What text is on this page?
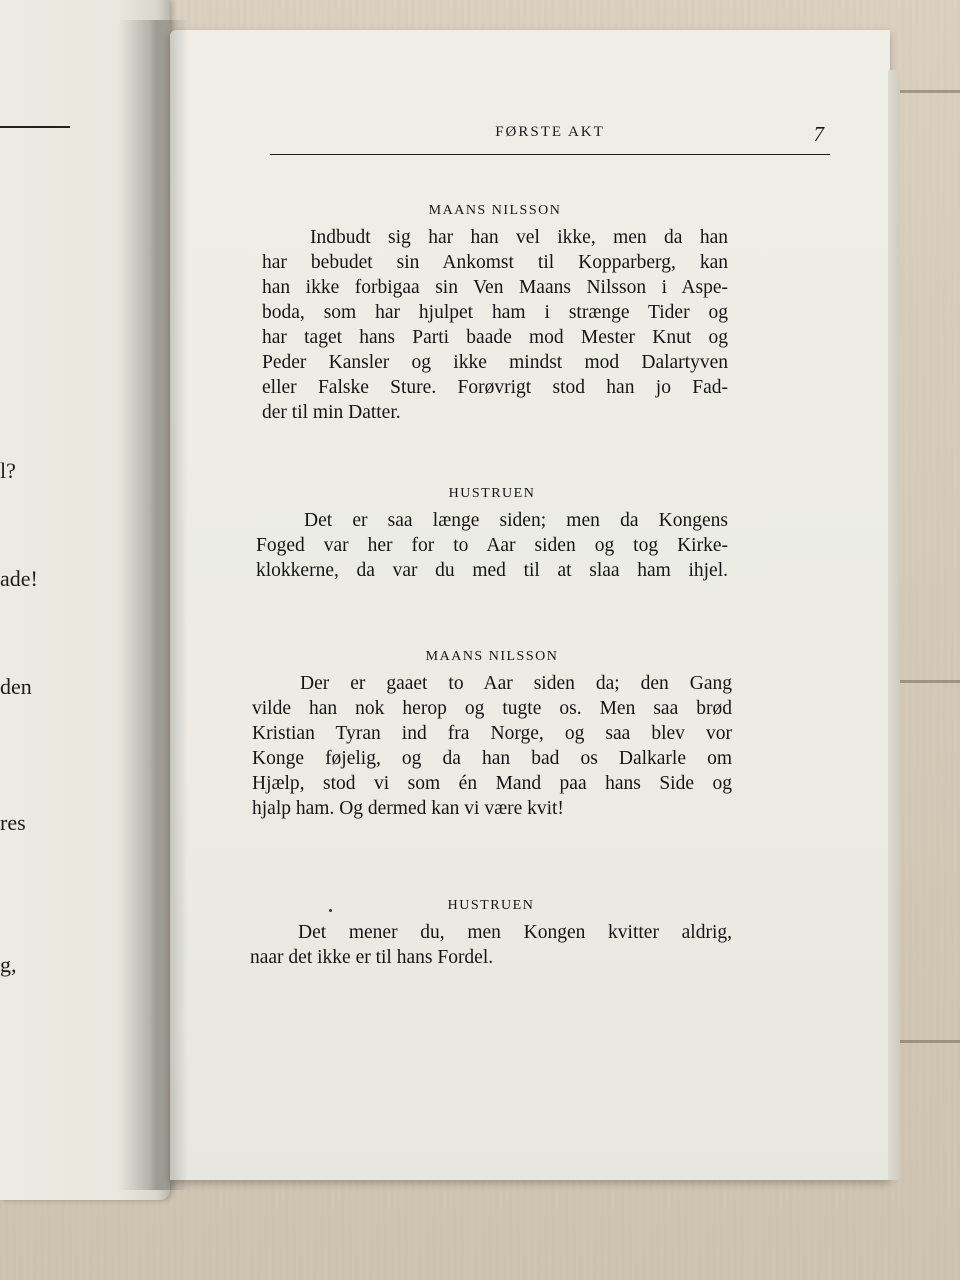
l?
ade!
den
res
g,
FØRSTE AKT	7
MAANS NILSSON
Indbudt sig har han vel ikke, men da han
har bebudet sin Ankomst til Kopparberg, kan
han ikke forbigaa sin Ven Maans Nilsson i Aspe-
boda, som har hjulpet ham i strænge Tider og
har taget hans Parti baade mod Mester Knut og
Peder Kansler og ikke mindst mod Dalartyven
eller Falske Sture. Forøvrigt stod han jo Fad-
der til min Datter.
HUSTRUEN
Det er saa længe siden; men da Kongens
Foged var her for to Aar siden og tog Kirke-
klokkerne, da var du med til at slaa ham ihjel.
MAANS NILSSON
Der er gaaet to Aar siden da; den Gang
vilde han nok herop og tugte os. Men saa brød
Kristian Tyran ind fra Norge, og saa blev vor
Konge føjelig, og da han bad os Dalkarle om
Hjælp, stod vi som én Mand paa hans Side og
hjalp ham. Og dermed kan vi være kvit!
HUSTRUEN
Det mener du, men Kongen kvitter aldrig,
naar det ikke er til hans Fordel.
